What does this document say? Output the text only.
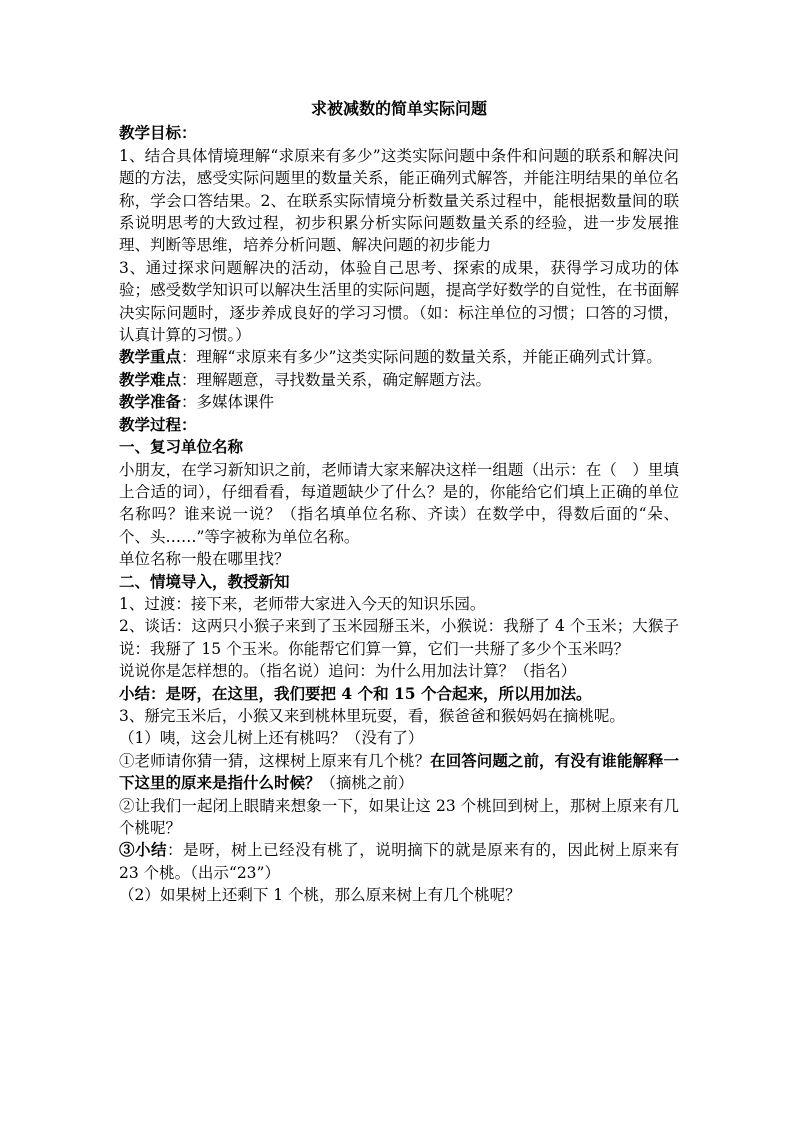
求被减数的简单实际问题

教学目标：

1、结合具体情境理解“求原来有多少”这类实际问题中条件和问题的联系和解决问题的方法，感受实际问题里的数量关系，能正确列式解答，并能注明结果的单位名称，学会口答结果。2、在联系实际情境分析数量关系过程中，能根据数量间的联系说明思考的大致过程，初步积累分析实际问题数量关系的经验，进一步发展推理、判断等思维，培养分析问题、解决问题的初步能力

3、通过探求问题解决的活动，体验自己思考、探索的成果，获得学习成功的体验；感受数学知识可以解决生活里的实际问题，提高学好数学的自觉性，在书面解决实际问题时，逐步养成良好的学习习惯。（如：标注单位的习惯；口答的习惯，认真计算的习惯。）

教学重点：理解“求原来有多少”这类实际问题的数量关系，并能正确列式计算。

教学难点：理解题意，寻找数量关系，确定解题方法。

教学准备：多媒体课件

教学过程：

一、复习单位名称

小朋友，在学习新知识之前，老师请大家来解决这样一组题（出示：在（　）里填上合适的词），仔细看看，每道题缺少了什么？是的，你能给它们填上正确的单位名称吗？谁来说一说？（指名填单位名称、齐读）在数学中，得数后面的“朵、个、头……”等字被称为单位名称。

单位名称一般在哪里找？

二、情境导入，教授新知

1、过渡：接下来，老师带大家进入今天的知识乐园。

2、谈话：这两只小猴子来到了玉米园掰玉米，小猴说：我掰了 4 个玉米；大猴子说：我掰了 15 个玉米。你能帮它们算一算，它们一共掰了多少个玉米吗？

说说你是怎样想的。（指名说）追问：为什么用加法计算？（指名）

小结：是呀，在这里，我们要把 4 个和 15 个合起来，所以用加法。

3、掰完玉米后，小猴又来到桃林里玩耍，看，猴爸爸和猴妈妈在摘桃呢。

（1）咦，这会儿树上还有桃吗？（没有了）

①老师请你猜一猜，这棵树上原来有几个桃？在回答问题之前，有没有谁能解释一下这里的原来是指什么时候？（摘桃之前）

②让我们一起闭上眼睛来想象一下，如果让这 23 个桃回到树上，那树上原来有几个桃呢？

③小结：是呀，树上已经没有桃了，说明摘下的就是原来有的，因此树上原来有 23 个桃。（出示“23”）

（2）如果树上还剩下 1 个桃，那么原来树上有几个桃呢？
